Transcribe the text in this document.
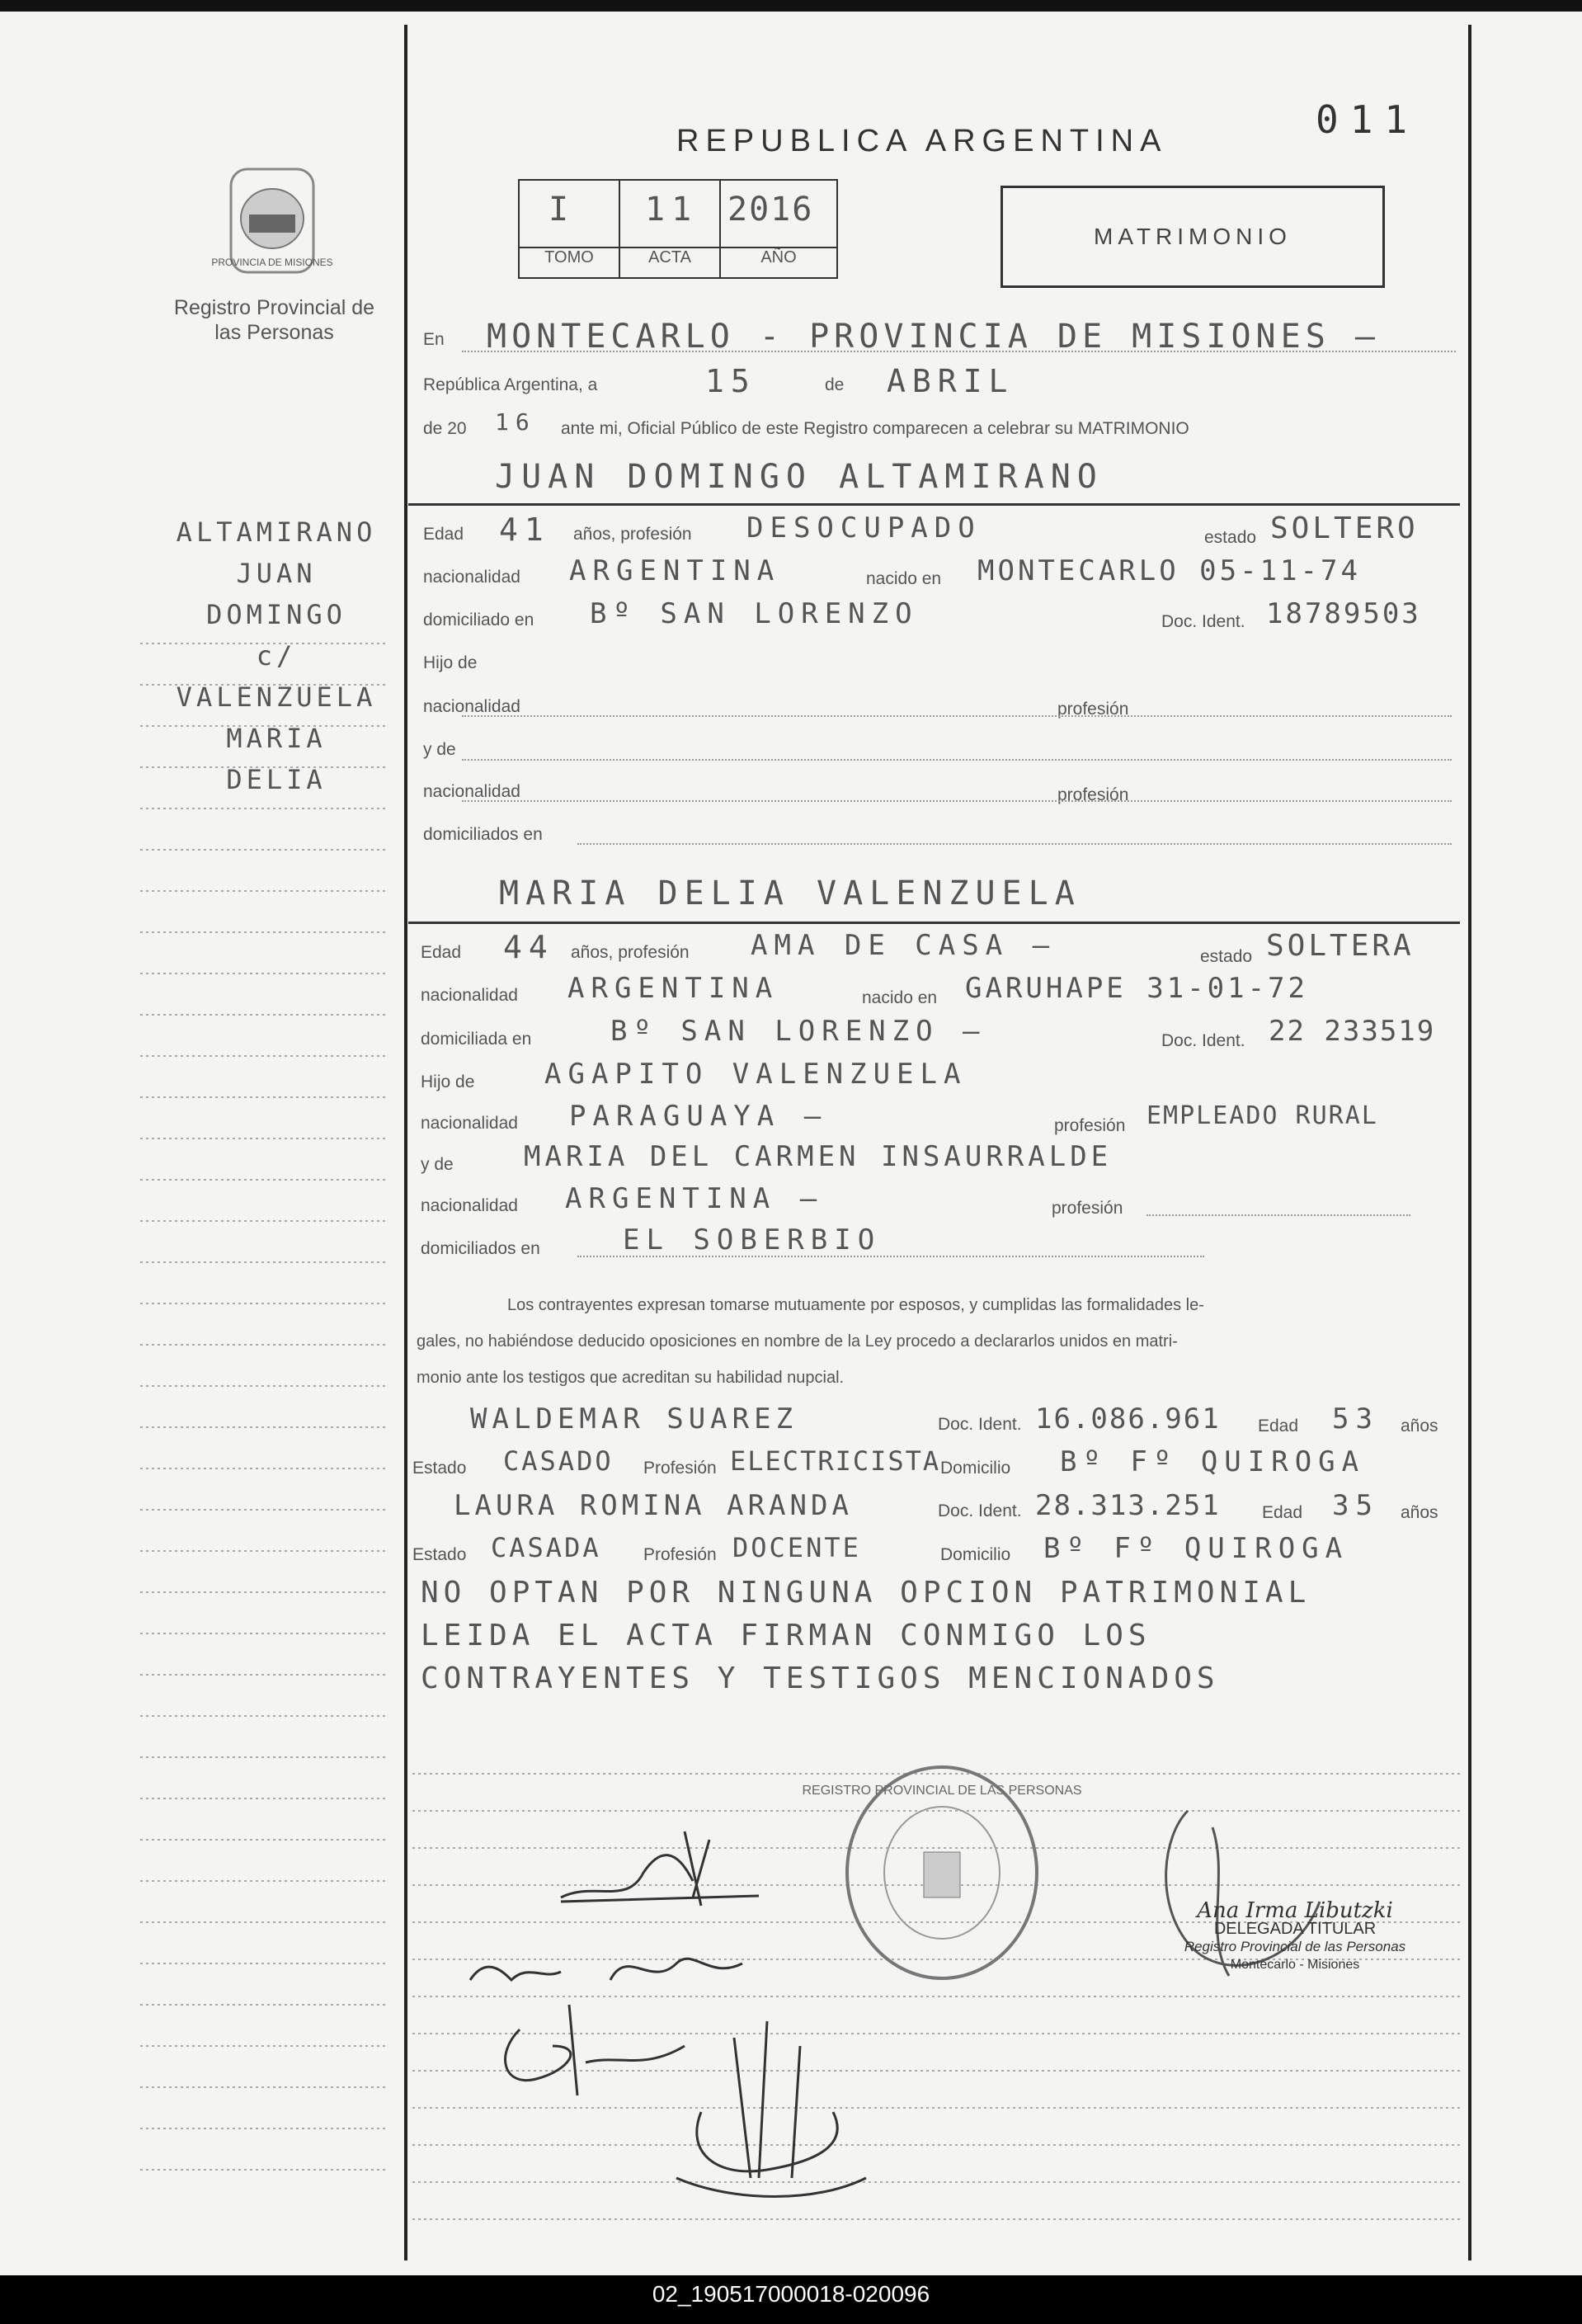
REPUBLICA ARGENTINA	011
PROVINCIA DE MISIONES
Registro Provincial de las Personas
I 11 2016
TOMO	ACTA	AÑO
MATRIMONIO
En MONTECARLO - PROVINCIA DE MISIONES —
República Argentina, a	15	de ABRIL
de 20 16 ante mi, Oficial Público de este Registro comparecen a celebrar su MATRIMONIO
JUAN DOMINGO ALTAMIRANO
Edad 41 años, profesión DESOCUPADO	estado SOLTERO
nacionalidad ARGENTINA	nacido en MONTECARLO 05-11-74
domiciliado en Bº SAN LORENZO	Doc. Ident. 18789503
Hijo de
nacionalidad	profesión
y de
nacionalidad	profesión
domiciliados en
ALTAMIRANO
JUAN
DOMINGO
c/
VALENZUELA
MARIA
DELIA
MARIA DELIA VALENZUELA
Edad 44 años, profesión AMA DE CASA —	estado SOLTERA
nacionalidad ARGENTINA	nacido en GARUHAPE 31-01-72
domiciliada en	Bº SAN LORENZO —	Doc. Ident. 22 233519
Hijo de AGAPITO VALENZUELA
nacionalidad PARAGUAYA —	profesión EMPLEADO RURAL
y de	MARIA DEL CARMEN INSAURRALDE
nacionalidad ARGENTINA —	profesión
domiciliados en	EL SOBERBIO
Los contrayentes expresan tomarse mutuamente por esposos, y cumplidas las formalidades le-
gales, no habiéndose deducido oposiciones en nombre de la Ley procedo a declararlos unidos en matri-
monio ante los testigos que acreditan su habilidad nupcial.
WALDEMAR SUAREZ	Doc. Ident. 16.086.961 Edad 53 años
Estado CASADO Profesión ELECTRICISTA Domicilio Bº Fº QUIROGA
LAURA ROMINA ARANDA	Doc. Ident. 28.313.251 Edad 35 años
Estado CASADA Profesión DOCENTE	Domicilio Bº Fº QUIROGA
NO OPTAN POR NINGUNA OPCION PATRIMONIAL
LEIDA EL ACTA FIRMAN CONMIGO LOS
CONTRAYENTES Y TESTIGOS MENCIONADOS
REGISTRO PROVINCIAL DE LAS PERSONAS
Ana Irma Libutzki
DELEGADA TITULAR
Registro Provincial de las Personas
Montecarlo - Misiones
02_190517000018-020096
